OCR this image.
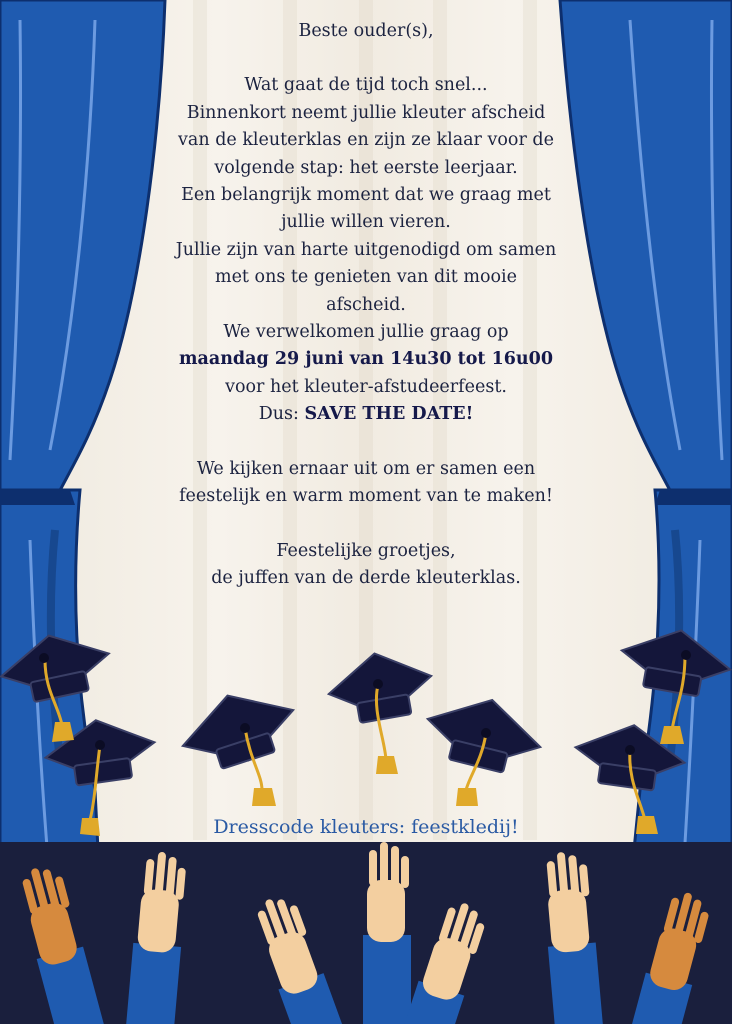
Beste ouder(s),

Wat gaat de tijd toch snel...

Binnenkort neemt jullie kleuter afscheid

van de kleuterklas en zijn ze klaar voor de

volgende stap: het eerste leerjaar.

Een belangrijk moment dat we graag met

jullie willen vieren.

Jullie zijn van harte uitgenodigd om samen

met ons te genieten van dit mooie

afscheid.

We verwelkomen jullie graag op

maandag 29 juni van 14u30 tot 16u00

voor het kleuter-afstudeerfeest.

Dus: SAVE THE DATE!

We kijken ernaar uit om er samen een

feestelijk en warm moment van te maken!

Feestelijke groetjes,

de juffen van de derde kleuterklas.

Dresscode kleuters: feestkledij!
